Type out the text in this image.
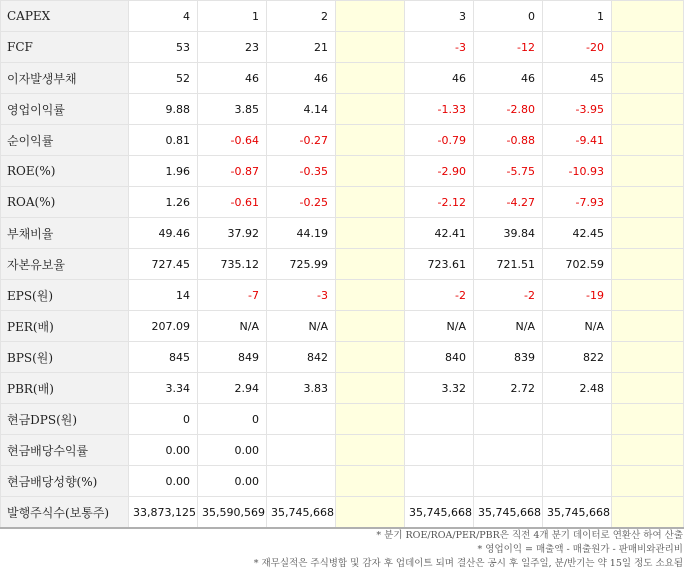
CAPEX	4	1	2		3	0	1	
FCF	53	23	21		-3	-12	-20	
이자발생부채	52	46	46		46	46	45	
영업이익률	9.88	3.85	4.14		-1.33	-2.80	-3.95	
순이익률	0.81	-0.64	-0.27		-0.79	-0.88	-9.41	
ROE(%)	1.96	-0.87	-0.35		-2.90	-5.75	-10.93	
ROA(%)	1.26	-0.61	-0.25		-2.12	-4.27	-7.93	
부채비율	49.46	37.92	44.19		42.41	39.84	42.45	
자본유보율	727.45	735.12	725.99		723.61	721.51	702.59	
EPS(원)	14	-7	-3		-2	-2	-19	
PER(배)	207.09	N/A	N/A		N/A	N/A	N/A	
BPS(원)	845	849	842		840	839	822	
PBR(배)	3.34	2.94	3.83		3.32	2.72	2.48	
현금DPS(원)	0	0						
현금배당수익률	0.00	0.00						
현금배당성향(%)	0.00	0.00						
발행주식수(보통주)	33,873,125	35,590,569	35,745,668		35,745,668	35,745,668	35,745,668	
* 분기 ROE/ROA/PER/PBR은 직전 4개 분기 데이터로 연환산 하여 산출
* 영업이익 = 매출액 - 매출원가 - 판매비와관리비
* 재무실적은 주식병합 및 감자 후 업데이트 되며 결산은 공시 후 일주일, 분/반기는 약 15일 정도 소요됨
